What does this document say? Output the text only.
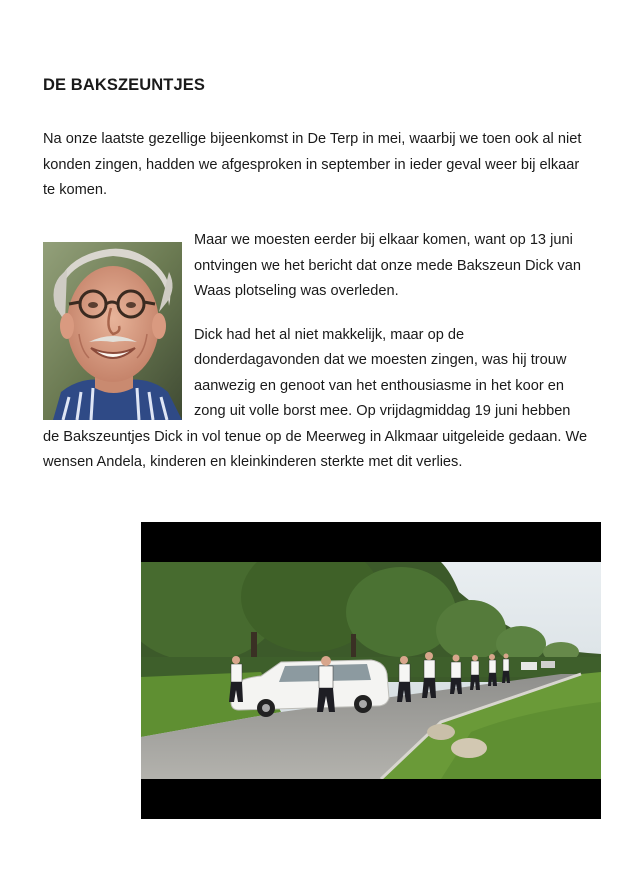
DE BAKSZEUNTJES

Na onze laatste gezellige bijeenkomst in De Terp in mei, waarbij we toen ook al niet konden zingen, hadden we afgesproken in september in ieder geval weer bij elkaar te komen.

Maar we moesten eerder bij elkaar komen, want op 13 juni ontvingen we het bericht dat onze mede Bakszeun Dick van Waas plotseling was overleden.

Dick had het al niet makkelijk, maar op de donderdagavonden dat we moesten zingen, was hij trouw aanwezig en genoot van het enthousiasme in het koor en zong uit volle borst mee. Op vrijdagmiddag 19 juni hebben de Bakszeuntjes Dick in vol tenue op de Meerweg in Alkmaar uitgeleide gedaan. We wensen Andela, kinderen en kleinkinderen sterkte met dit verlies.
